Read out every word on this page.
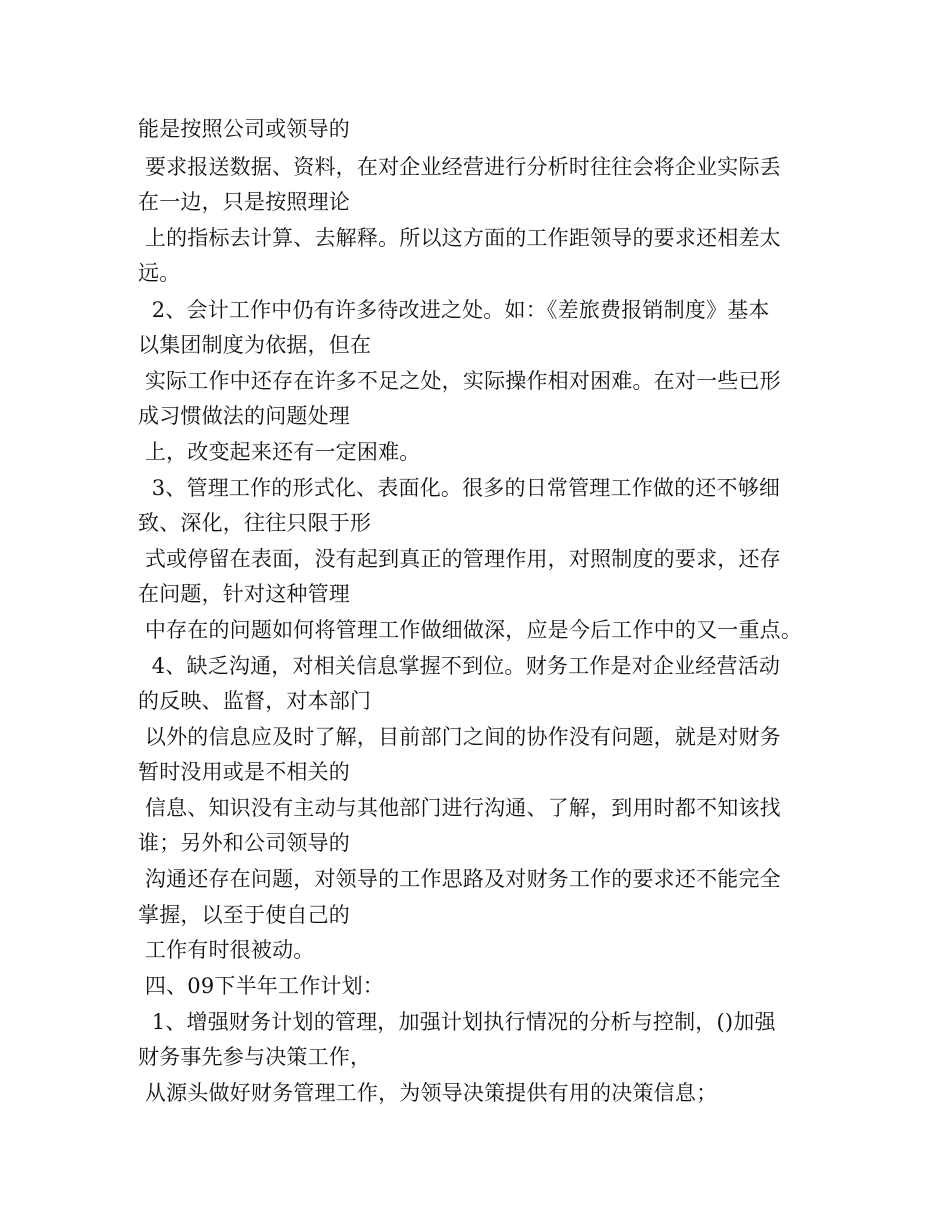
能是按照公司或领导的
要求报送数据、资料，在对企业经营进行分析时往往会将企业实际丢
在一边，只是按照理论
上的指标去计算、去解释。所以这方面的工作距领导的要求还相差太
远。
2、会计工作中仍有许多待改进之处。如：《差旅费报销制度》基本
以集团制度为依据，但在
实际工作中还存在许多不足之处，实际操作相对困难。在对一些已形
成习惯做法的问题处理
上，改变起来还有一定困难。
3、管理工作的形式化、表面化。很多的日常管理工作做的还不够细
致、深化，往往只限于形
式或停留在表面，没有起到真正的管理作用，对照制度的要求，还存
在问题，针对这种管理
中存在的问题如何将管理工作做细做深，应是今后工作中的又一重点。
4、缺乏沟通，对相关信息掌握不到位。财务工作是对企业经营活动
的反映、监督，对本部门
以外的信息应及时了解，目前部门之间的协作没有问题，就是对财务
暂时没用或是不相关的
信息、知识没有主动与其他部门进行沟通、了解，到用时都不知该找
谁；另外和公司领导的
沟通还存在问题，对领导的工作思路及对财务工作的要求还不能完全
掌握，以至于使自己的
工作有时很被动。
四、09下半年工作计划：
1、增强财务计划的管理，加强计划执行情况的分析与控制，()加强
财务事先参与决策工作，
从源头做好财务管理工作，为领导决策提供有用的决策信息；
